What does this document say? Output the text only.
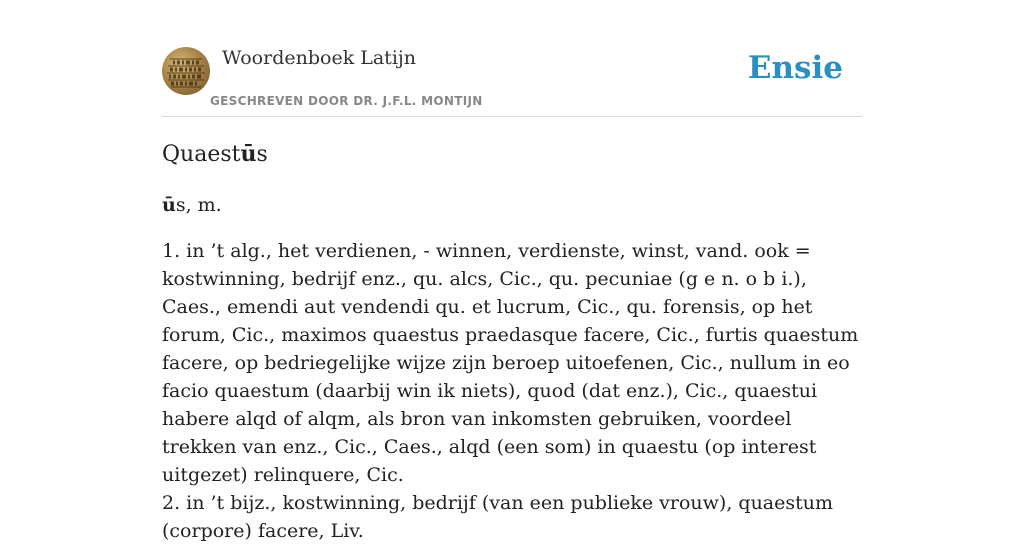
Woordenboek Latijn
GESCHREVEN DOOR DR. J.F.L. MONTIJN
Ensie
Quaestūs

ūs, m.

1. in ’t alg., het verdienen, - winnen, verdienste, winst, vand. ook = kostwinning, bedrijf enz., qu. alcs, Cic., qu. pecuniae (g e n. o b i.), Caes., emendi aut vendendi qu. et lucrum, Cic., qu. forensis, op het forum, Cic., maximos quaestus praedasque facere, Cic., furtis quaestum facere, op bedriegelijke wijze zijn beroep uitoefenen, Cic., nullum in eo facio quaestum (daarbij win ik niets), quod (dat enz.), Cic., quaestui habere alqd of alqm, als bron van inkomsten gebruiken, voordeel trekken van enz., Cic., Caes., alqd (een som) in quaestu (op interest uitgezet) relinquere, Cic.

2. in ’t bijz., kostwinning, bedrijf (van een publieke vrouw), quaestum (corpore) facere, Liv.
